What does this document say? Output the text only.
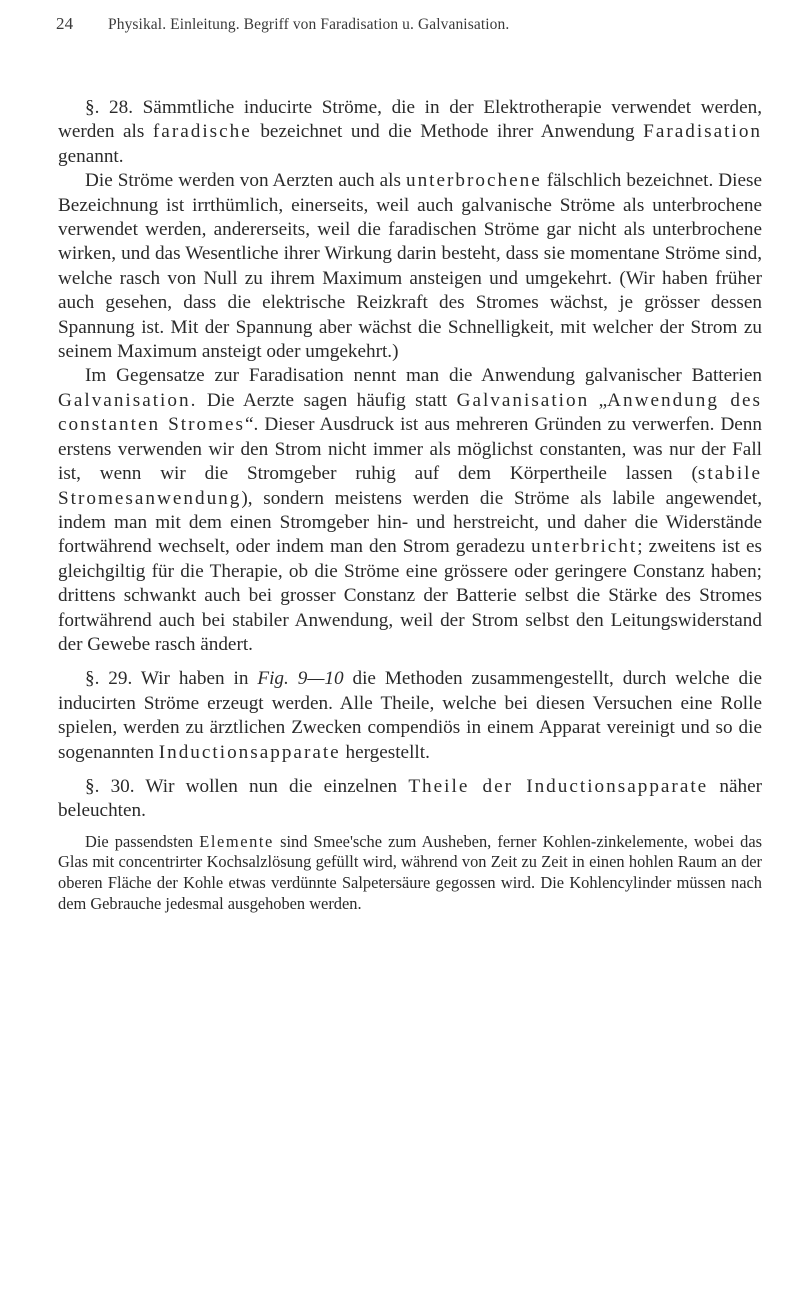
24 Physikal. Einleitung. Begriff von Faradisation u. Galvanisation.

§. 28. Sämmtliche inducirte Ströme, die in der Elektrotherapie verwendet werden, werden als faradische bezeichnet und die Methode ihrer Anwendung Faradisation genannt.

Die Ströme werden von Aerzten auch als unterbrochene fälschlich bezeichnet. Diese Bezeichnung ist irrthümlich, einerseits, weil auch galvanische Ströme als unterbrochene verwendet werden, andererseits, weil die faradischen Ströme gar nicht als unterbrochene wirken, und das Wesentliche ihrer Wirkung darin besteht, dass sie momentane Ströme sind, welche rasch von Null zu ihrem Maximum ansteigen und umgekehrt. (Wir haben früher auch gesehen, dass die elektrische Reizkraft des Stromes wächst, je grösser dessen Spannung ist. Mit der Spannung aber wächst die Schnelligkeit, mit welcher der Strom zu seinem Maximum ansteigt oder umgekehrt.)

Im Gegensatze zur Faradisation nennt man die Anwendung galvanischer Batterien Galvanisation. Die Aerzte sagen häufig statt Galvanisation „Anwendung des constanten Stromes“. Dieser Ausdruck ist aus mehreren Gründen zu verwerfen. Denn erstens verwenden wir den Strom nicht immer als möglichst constanten, was nur der Fall ist, wenn wir die Stromgeber ruhig auf dem Körpertheile lassen (stabile Stromesanwendung), sondern meistens werden die Ströme als labile angewendet, indem man mit dem einen Stromgeber hin- und herstreicht, und daher die Widerstände fortwährend wechselt, oder indem man den Strom geradezu unterbricht; zweitens ist es gleichgiltig für die Therapie, ob die Ströme eine grössere oder geringere Constanz haben; drittens schwankt auch bei grosser Constanz der Batterie selbst die Stärke des Stromes fortwährend auch bei stabiler Anwendung, weil der Strom selbst den Leitungswiderstand der Gewebe rasch ändert.

§. 29. Wir haben in Fig. 9—10 die Methoden zusammengestellt, durch welche die inducirten Ströme erzeugt werden. Alle Theile, welche bei diesen Versuchen eine Rolle spielen, werden zu ärztlichen Zwecken compendiös in einem Apparat vereinigt und so die sogenannten Inductionsapparate hergestellt.

§. 30. Wir wollen nun die einzelnen Theile der Inductionsapparate näher beleuchten.

Die passendsten Elemente sind Smee'sche zum Ausheben, ferner Kohlen-zinkelemente, wobei das Glas mit concentrirter Kochsalzlösung gefüllt wird, während von Zeit zu Zeit in einen hohlen Raum an der oberen Fläche der Kohle etwas verdünnte Salpetersäure gegossen wird. Die Kohlencylinder müssen nach dem Gebrauche jedesmal ausgehoben werden.
